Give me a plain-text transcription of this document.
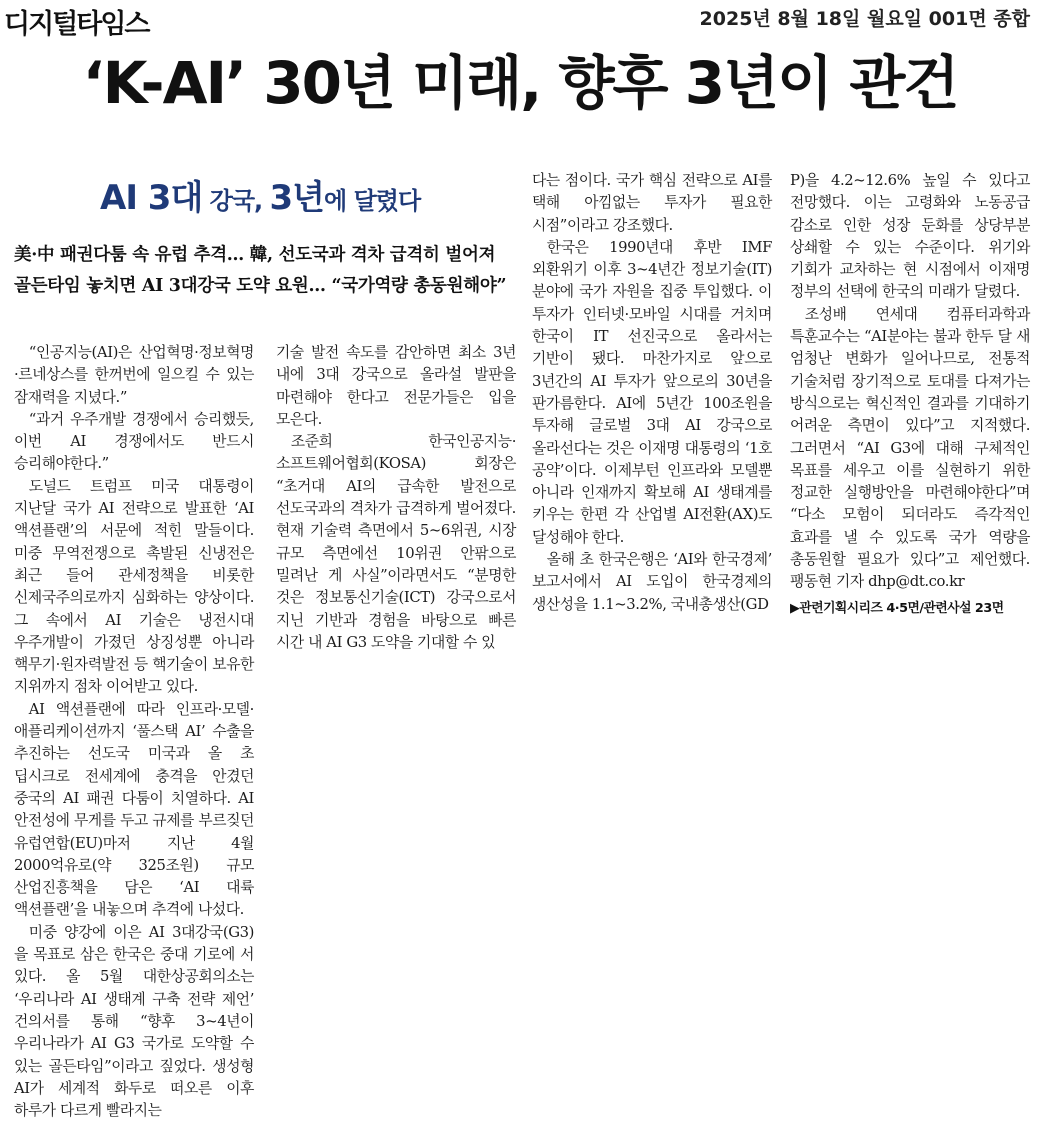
디지털타임스	2025년 8월 18일 월요일 001면 종합
‘K-AI’ 30년 미래, 향후 3년이 관건
AI 3대 강국, 3년에 달렸다
美·中 패권다툼 속 유럽 추격… 韓, 선도국과 격차 급격히 벌어져
골든타임 놓치면 AI 3대강국 도약 요원… “국가역량 총동원해야”

“인공지능(AI)은 산업혁명·정보혁명·르네상스를 한꺼번에 일으킬 수 있는 잠재력을 지녔다.”

“과거 우주개발 경쟁에서 승리했듯, 이번 AI 경쟁에서도 반드시 승리해야한다.”

도널드 트럼프 미국 대통령이 지난달 국가 AI 전략으로 발표한 ‘AI 액션플랜’의 서문에 적힌 말들이다. 미중 무역전쟁으로 촉발된 신냉전은 최근 들어 관세정책을 비롯한 신제국주의로까지 심화하는 양상이다. 그 속에서 AI 기술은 냉전시대 우주개발이 가졌던 상징성뿐 아니라 핵무기·원자력발전 등 핵기술이 보유한 지위까지 점차 이어받고 있다.

AI 액션플랜에 따라 인프라·모델·애플리케이션까지 ‘풀스택 AI’ 수출을 추진하는 선도국 미국과 올 초 딥시크로 전세계에 충격을 안겼던 중국의 AI 패권 다툼이 치열하다. AI 안전성에 무게를 두고 규제를 부르짖던 유럽연합(EU)마저 지난 4월 2000억유로(약 325조원) 규모 산업진흥책을 담은 ‘AI 대륙 액션플랜’을 내놓으며 추격에 나섰다.

미중 양강에 이은 AI 3대강국(G3)을 목표로 삼은 한국은 중대 기로에 서 있다. 올 5월 대한상공회의소는 ‘우리나라 AI 생태계 구축 전략 제언’ 건의서를 통해 “향후 3~4년이 우리나라가 AI G3 국가로 도약할 수 있는 골든타임”이라고 짚었다. 생성형 AI가 세계적 화두로 떠오른 이후 하루가 다르게 빨라지는

기술 발전 속도를 감안하면 최소 3년 내에 3대 강국으로 올라설 발판을 마련해야 한다고 전문가들은 입을 모은다.

조준희 한국인공지능·소프트웨어협회(KOSA) 회장은 “초거대 AI의 급속한 발전으로 선도국과의 격차가 급격하게 벌어졌다. 현재 기술력 측면에서 5~6위권, 시장 규모 측면에선 10위권 안팎으로 밀려난 게 사실”이라면서도 “분명한 것은 정보통신기술(ICT) 강국으로서 지닌 기반과 경험을 바탕으로 빠른 시간 내 AI G3 도약을 기대할 수 있

다는 점이다. 국가 핵심 전략으로 AI를 택해 아낌없는 투자가 필요한 시점”이라고 강조했다.

한국은 1990년대 후반 IMF 외환위기 이후 3~4년간 정보기술(IT) 분야에 국가 자원을 집중 투입했다. 이 투자가 인터넷·모바일 시대를 거치며 한국이 IT 선진국으로 올라서는 기반이 됐다. 마찬가지로 앞으로 3년간의 AI 투자가 앞으로의 30년을 판가름한다. AI에 5년간 100조원을 투자해 글로벌 3대 AI 강국으로 올라선다는 것은 이재명 대통령의 ‘1호 공약’이다. 이제부턴 인프라와 모델뿐 아니라 인재까지 확보해 AI 생태계를 키우는 한편 각 산업별 AI전환(AX)도 달성해야 한다.

올해 초 한국은행은 ‘AI와 한국경제’ 보고서에서 AI 도입이 한국경제의 생산성을 1.1~3.2%, 국내총생산(GD

P)을 4.2~12.6% 높일 수 있다고 전망했다. 이는 고령화와 노동공급 감소로 인한 성장 둔화를 상당부분 상쇄할 수 있는 수준이다. 위기와 기회가 교차하는 현 시점에서 이재명 정부의 선택에 한국의 미래가 달렸다.

조성배 연세대 컴퓨터과학과 특훈교수는 “AI분야는 불과 한두 달 새 엄청난 변화가 일어나므로, 전통적 기술처럼 장기적으로 토대를 다져가는 방식으로는 혁신적인 결과를 기대하기 어려운 측면이 있다”고 지적했다. 그러면서 “AI G3에 대해 구체적인 목표를 세우고 이를 실현하기 위한 정교한 실행방안을 마련해야한다”며 “다소 모험이 되더라도 즉각적인 효과를 낼 수 있도록 국가 역량을 총동원할 필요가 있다”고 제언했다. 팽동현 기자 dhp@dt.co.kr

▶관련기획시리즈 4·5면/관련사설 23면
